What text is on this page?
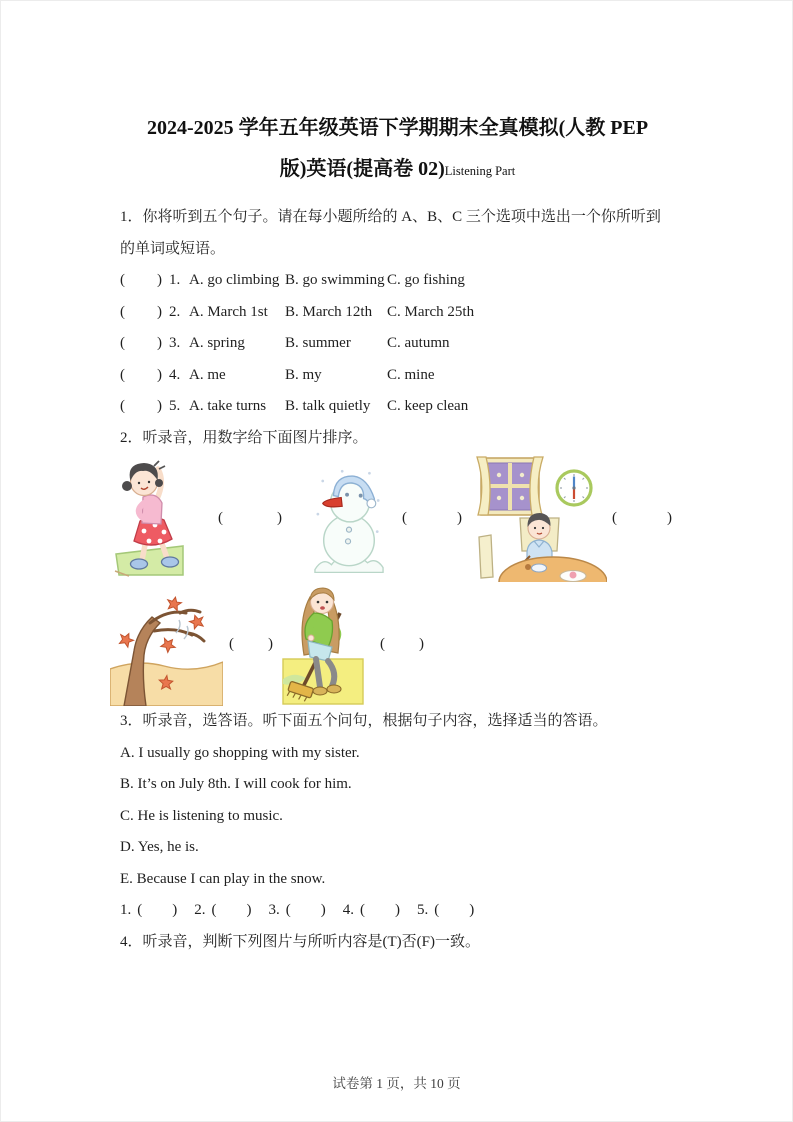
2024-2025 学年五年级英语下学期期末全真模拟(人教 PEP
版)英语(提高卷 02)Listening Part

1．你将听到五个句子。请在每小题所给的 A、B、C 三个选项中选出一个你所听到的单词或短语。

( ) 1. A. go climbing B. go swimming C. go fishing
( ) 2. A. March 1st	B. March 12th C. March 25th
( ) 3. A. spring	B. summer	C. autumn
( ) 4. A. me	B. my	C. mine
( ) 5. A. take turns	B. talk quietly	C. keep clean

2．听录音，用数字给下面图片排序。

(	)	(	)	(	)
( )	( )

3．听录音，选答语。听下面五个问句，根据句子内容，选择适当的答语。

A. I usually go shopping with my sister.

B. It’s on July 8th. I will cook for him.

C. He is listening to music.

D. Yes, he is.

E. Because I can play in the snow.

1. ( ) 2. ( ) 3. ( ) 4. ( ) 5. ( )

4．听录音，判断下列图片与所听内容是(T)否(F)一致。

试卷第 1 页，共 10 页
